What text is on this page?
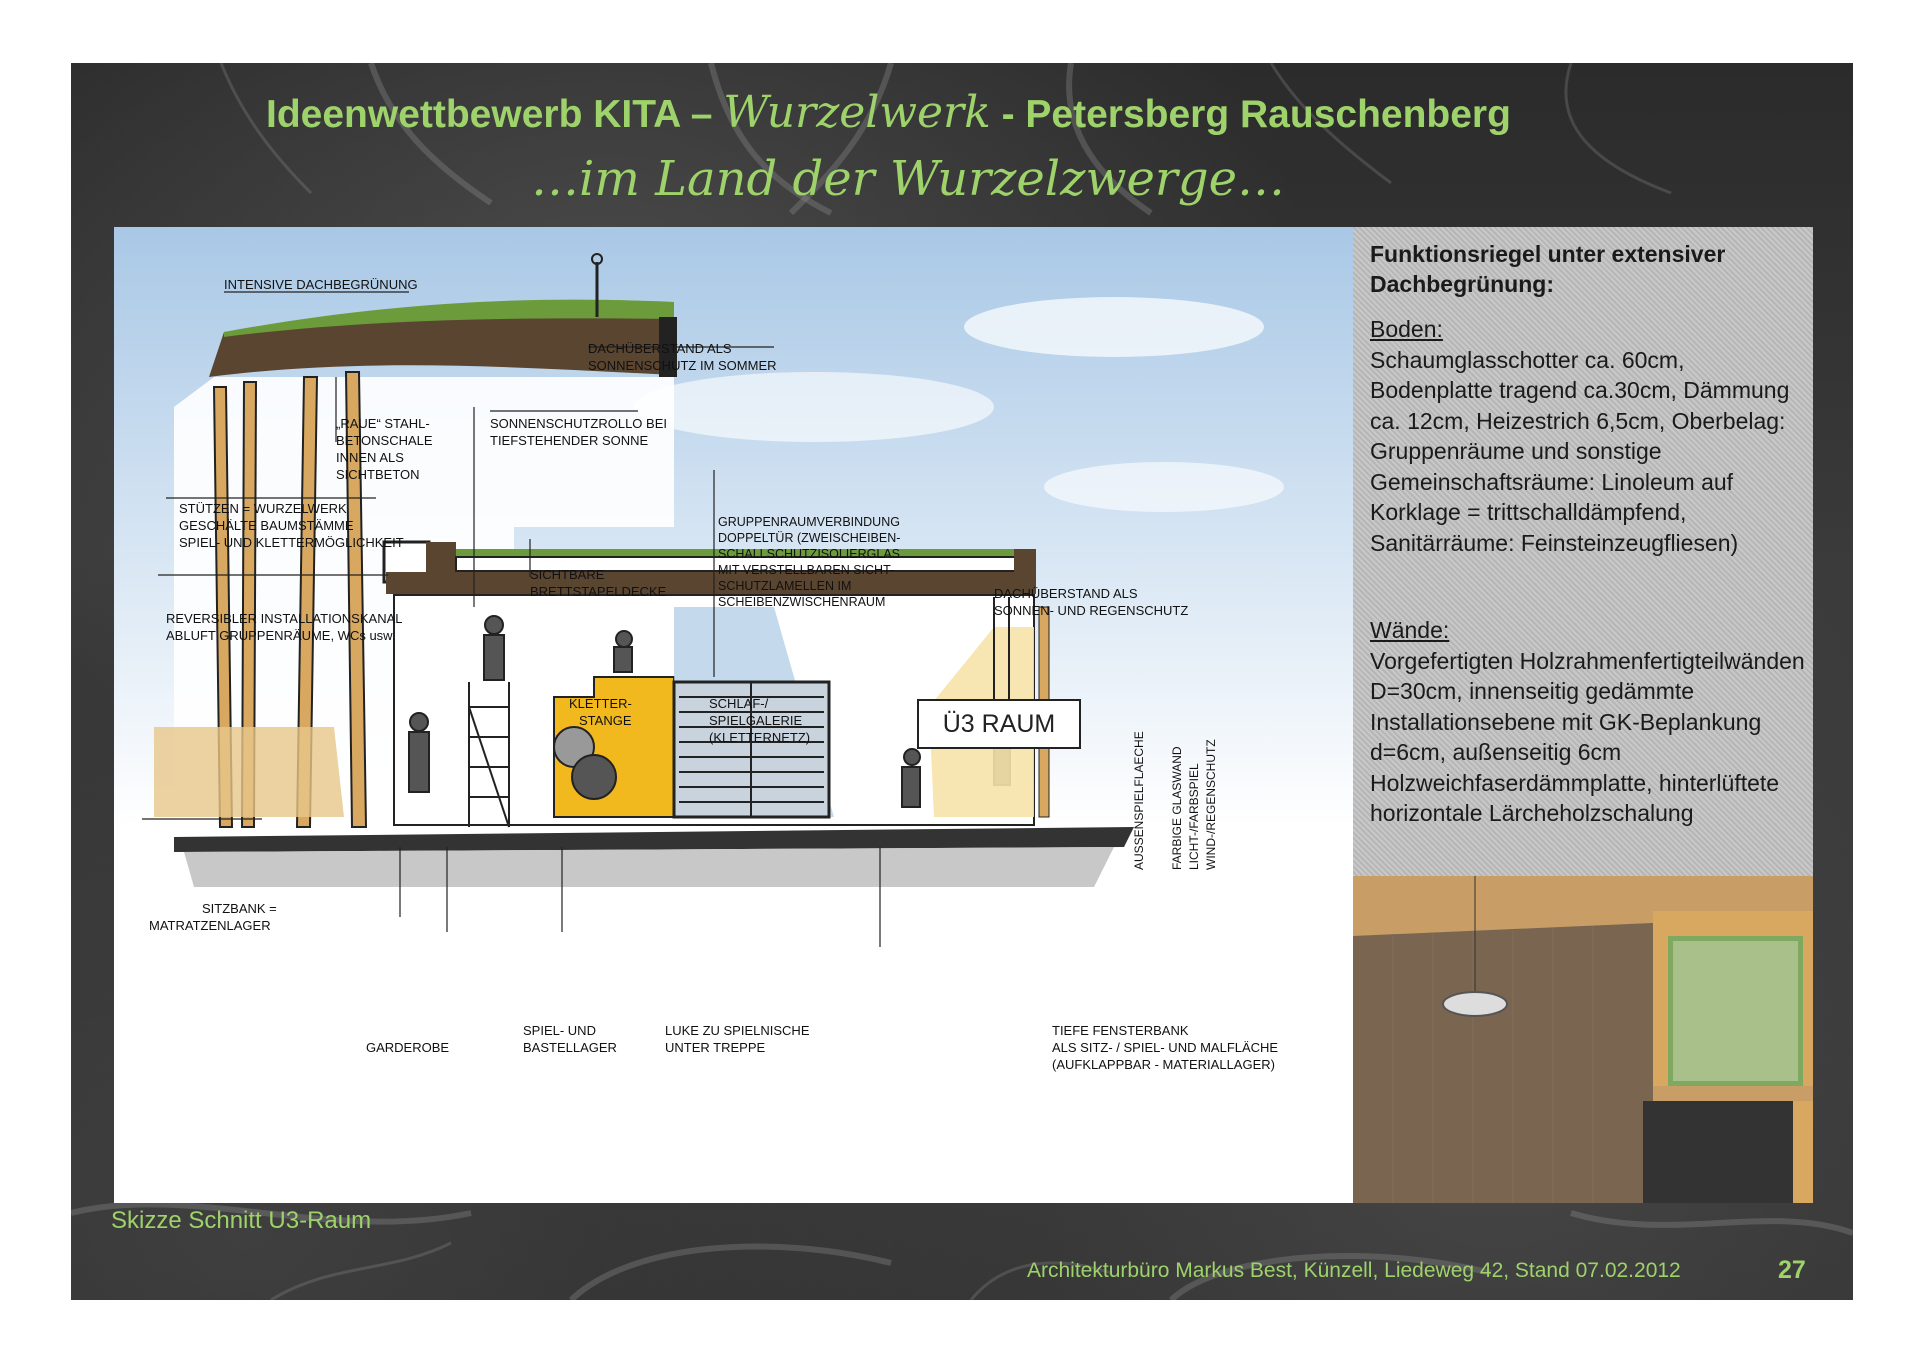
Ideenwettbewerb KITA – Wurzelwerk - Petersberg Rauschenberg
…im Land der Wurzelzwerge…
INTENSIVE DACHBEGRÜNUNG
DACHÜBERSTAND ALS
SONNENSCHUTZ IM SOMMER
„RAUE“ STAHL-
BETONSCHALE
INNEN ALS
SICHTBETON
SONNENSCHUTZROLLO BEI
TIEFSTEHENDER SONNE
STÜTZEN = WURZELWERK
GESCHÄLTE BAUMSTÄMME
SPIEL- UND KLETTERMÖGLICHKEIT
GRUPPENRAUMVERBINDUNG
DOPPELTÜR (ZWEISCHEIBEN-
SCHALLSCHUTZISOLIERGLAS
MIT VERSTELLBAREN SICHT-
SCHUTZLAMELLEN IM
SCHEIBENZWISCHENRAUM
SICHTBARE
BRETTSTAPELDECKE	DACHÜBERSTAND ALS
SONNEN- UND REGENSCHUTZ
REVERSIBLER INSTALLATIONSKANAL
ABLUFT GRUPPENRÄUME, WCs usw.
KLETTER-
STANGE
SCHLAF-/
SPIELGALERIE
(KLETTERNETZ)	Ü3 RAUM
AUSSENSPIELFLAECHE FARBIGE GLASWAND LICHT-/FARBSPIEL WIND-/REGENSCHUTZ
SITZBANK =
MATRATZENLAGER
GARDEROBE
SPIEL- UND
BASTELLAGER
LUKE ZU SPIELNISCHE
UNTER TREPPE
TIEFE FENSTERBANK
ALS SITZ- / SPIEL- UND MALFLÄCHE
(AUFKLAPPBAR - MATERIALLAGER)
Funktionsriegel unter extensiver Dachbegrünung:
Boden:
Schaumglasschotter ca. 60cm, Bodenplatte tragend ca.30cm, Dämmung ca. 12cm, Heizestrich 6,5cm, Oberbelag: Gruppenräume und sonstige Gemeinschaftsräume: Linoleum auf Korklage = trittschalldämpfend, Sanitärräume: Feinsteinzeugfliesen)
Wände:
Vorgefertigten Holzrahmenfertigteilwänden D=30cm, innenseitig gedämmte Installationsebene mit GK-Beplankung d=6cm, außenseitig 6cm Holzweichfaserdämmplatte, hinterlüftete horizontale Lärcheholzschalung
Skizze Schnitt U3-Raum
Architekturbüro Markus Best, Künzell, Liedeweg 42, Stand 07.02.2012	27
